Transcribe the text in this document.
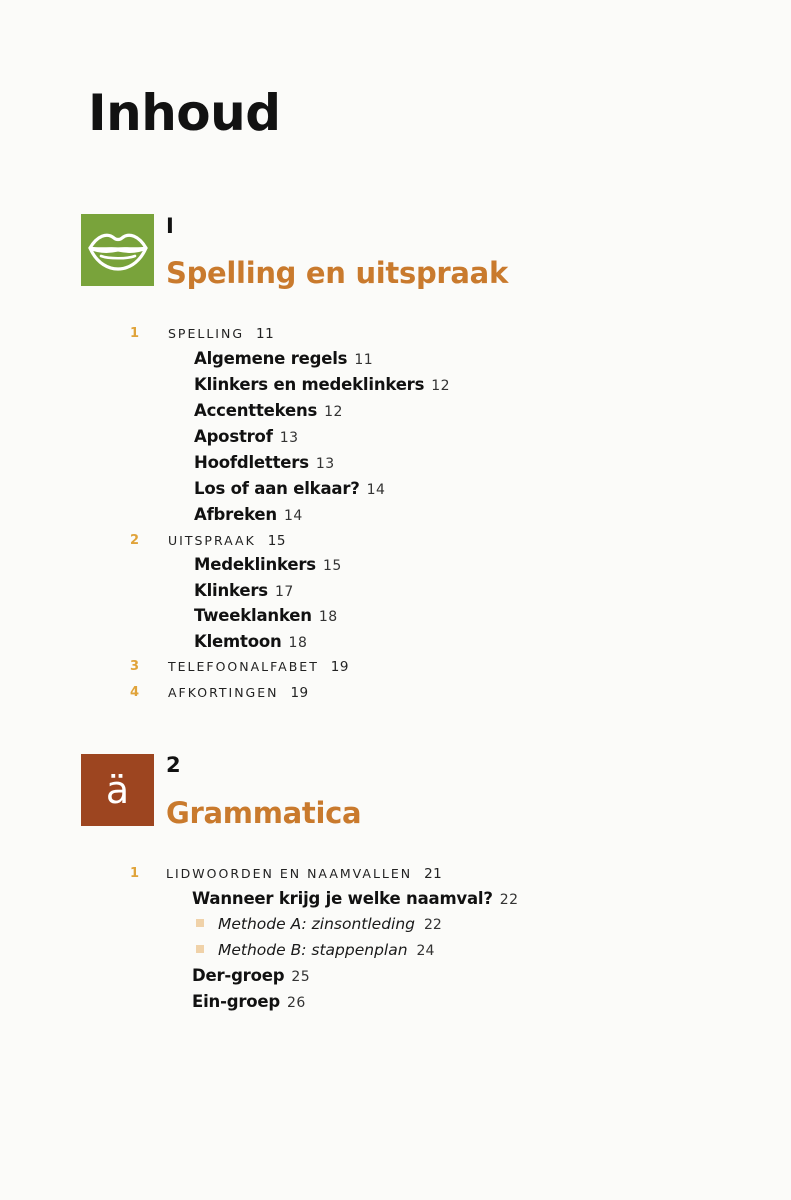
Inhoud
I
Spelling en uitspraak
1 SPELLING 11
Algemene regels 11
Klinkers en medeklinkers 12
Accenttekens 12
Apostrof 13
Hoofdletters 13
Los of aan elkaar? 14
Afbreken 14
2 UITSPRAAK 15
Medeklinkers 15
Klinkers 17
Tweeklanken 18
Klemtoon 18
3 TELEFOONALFABET 19
4 AFKORTINGEN 19
ä
2
Grammatica
1 LIDWOORDEN EN NAAMVALLEN 21
Wanneer krijg je welke naamval? 22
Methode A: zinsontleding 22
Methode B: stappenplan 24
Der-groep 25
Ein-groep 26
